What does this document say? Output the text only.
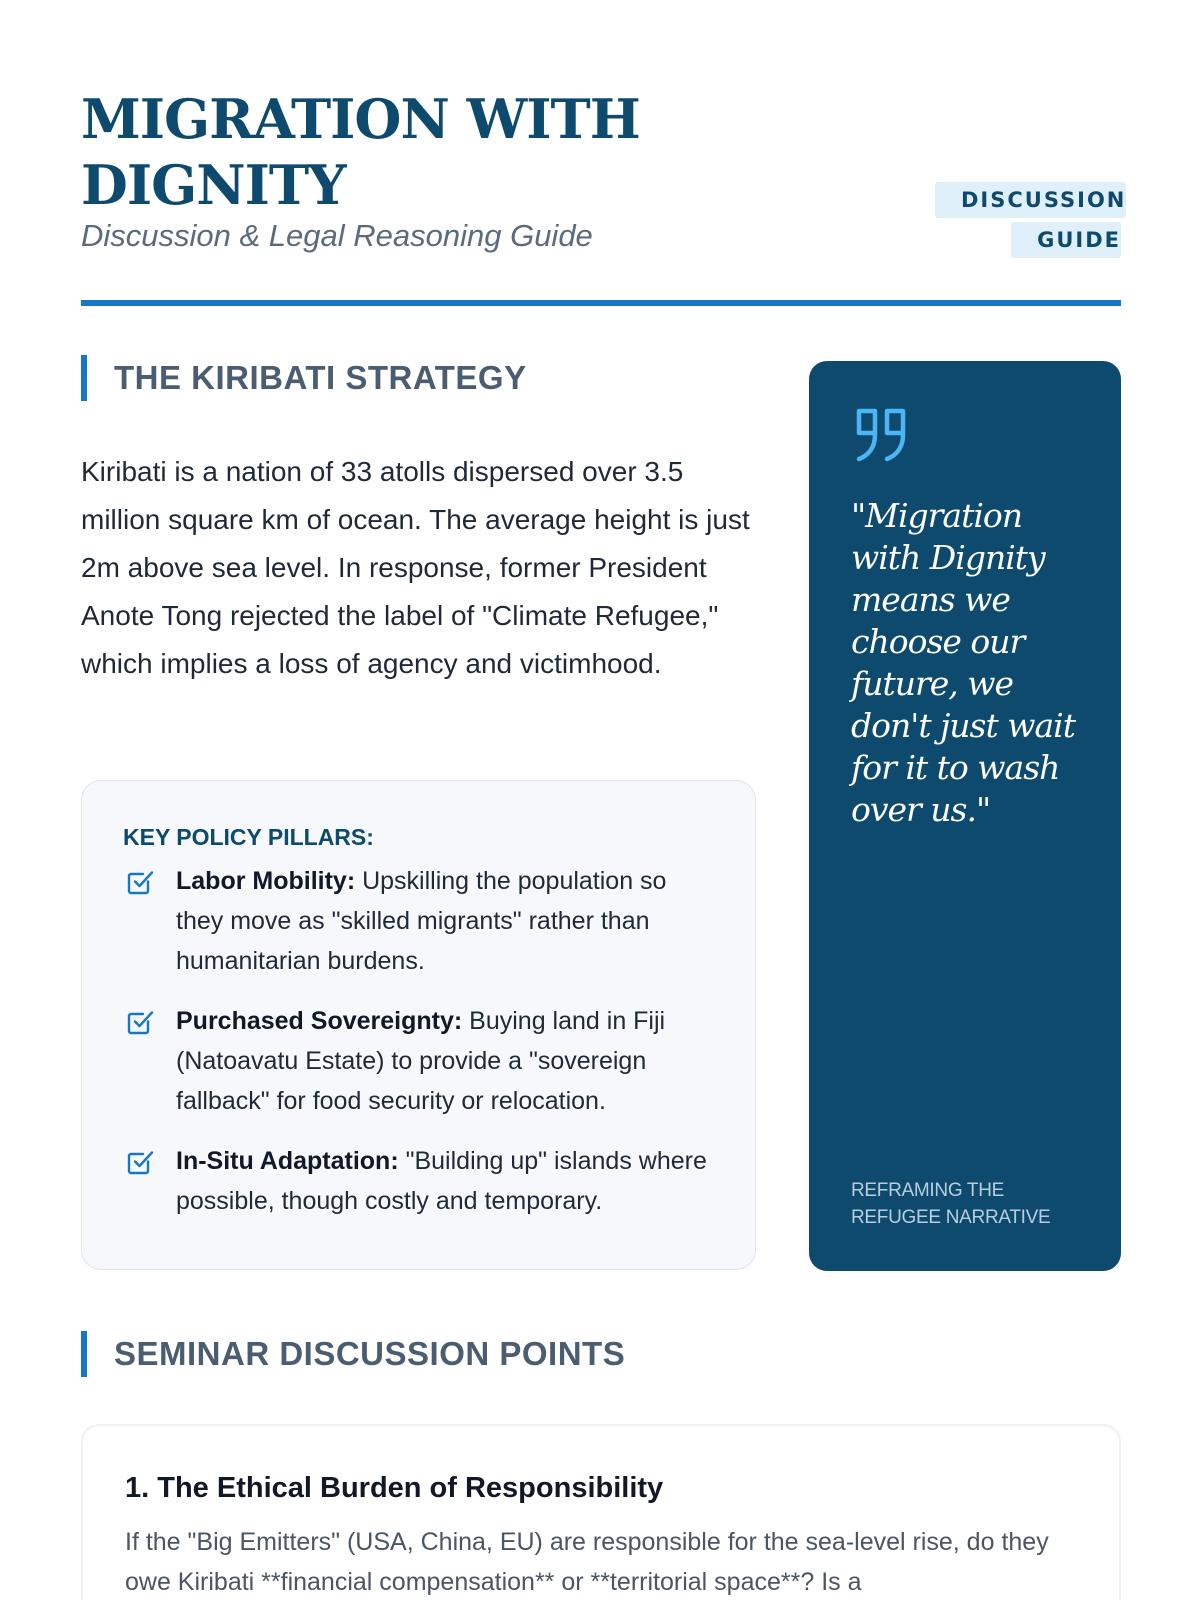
MIGRATION WITH DIGNITY
Discussion & Legal Reasoning Guide
DISCUSSION GUIDE
THE KIRIBATI STRATEGY

Kiribati is a nation of 33 atolls dispersed over 3.5 million square km of ocean. The average height is just 2m above sea level. In response, former President Anote Tong rejected the label of "Climate Refugee," which implies a loss of agency and victimhood.

KEY POLICY PILLARS:
Labor Mobility: Upskilling the population so they move as "skilled migrants" rather than humanitarian burdens.
Purchased Sovereignty: Buying land in Fiji (Natoavatu Estate) to provide a "sovereign fallback" for food security or relocation.
In-Situ Adaptation: "Building up" islands where possible, though costly and temporary.
"Migration with Dignity means we choose our future, we don't just wait for it to wash over us."
REFRAMING THE REFUGEE NARRATIVE
SEMINAR DISCUSSION POINTS
1. The Ethical Burden of Responsibility

If the "Big Emitters" (USA, China, EU) are responsible for the sea-level rise, do they owe Kiribati **financial compensation** or **territorial space**? Is a
